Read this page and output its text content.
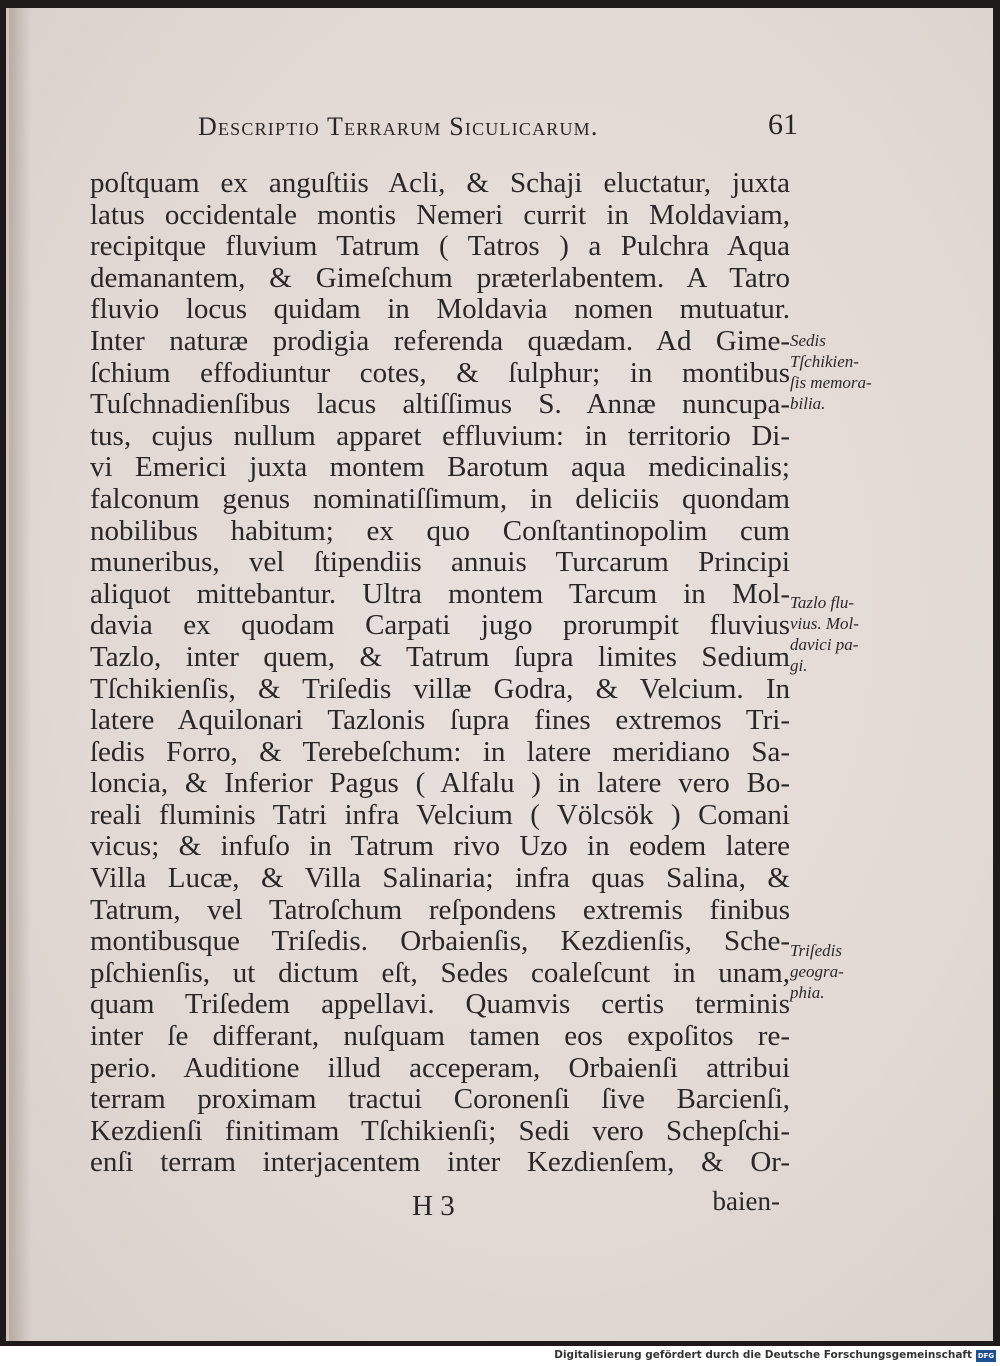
Descriptio Terrarum Siculicarum.	61
poſtquam ex anguſtiis Acli, & Schaji eluctatur, juxta
latus occidentale montis Nemeri currit in Moldaviam,
recipitque fluvium Tatrum ( Tatros ) a Pulchra Aqua
demanantem, & Gimeſchum præterlabentem. A Tatro
fluvio locus quidam in Moldavia nomen mutuatur.
Inter naturæ prodigia referenda quædam. Ad Gime-
ſchium effodiuntur cotes, & ſulphur; in montibus
Tuſchnadienſibus lacus altiſſimus S. Annæ nuncupa-
tus, cujus nullum apparet effluvium: in territorio Di-
vi Emerici juxta montem Barotum aqua medicinalis;
falconum genus nominatiſſimum, in deliciis quondam
nobilibus habitum; ex quo Conſtantinopolim cum
muneribus, vel ſtipendiis annuis Turcarum Principi
aliquot mittebantur. Ultra montem Tarcum in Mol-
davia ex quodam Carpati jugo prorumpit fluvius
Tazlo, inter quem, & Tatrum ſupra limites Sedium
Tſchikienſis, & Triſedis villæ Godra, & Velcium. In
latere Aquilonari Tazlonis ſupra fines extremos Tri-
ſedis Forro, & Terebeſchum: in latere meridiano Sa-
loncia, & Inferior Pagus ( Alfalu ) in latere vero Bo-
reali fluminis Tatri infra Velcium ( Völcsök ) Comani
vicus; & infuſo in Tatrum rivo Uzo in eodem latere
Villa Lucæ, & Villa Salinaria; infra quas Salina, &
Tatrum, vel Tatroſchum reſpondens extremis finibus
montibusque Triſedis. Orbaienſis, Kezdienſis, Sche-
pſchienſis, ut dictum eſt, Sedes coaleſcunt in unam,
quam Triſedem appellavi. Quamvis certis terminis
inter ſe differant, nuſquam tamen eos expoſitos re-
perio. Auditione illud acceperam, Orbaienſi attribui
terram proximam tractui Coronenſi ſive Barcienſi,
Kezdienſi finitimam Tſchikienſi; Sedi vero Schepſchi-
enſi terram interjacentem inter Kezdienſem, & Or-
Sedis
Tſchikien-
ſis memora-
bilia.
Tazlo flu-
vius. Mol-
davici pa-
gi.
Triſedis
geogra-
phia.
H 3	baien-
Digitalisierung gefördert durch die Deutsche Forschungsgemeinschaft DFG
